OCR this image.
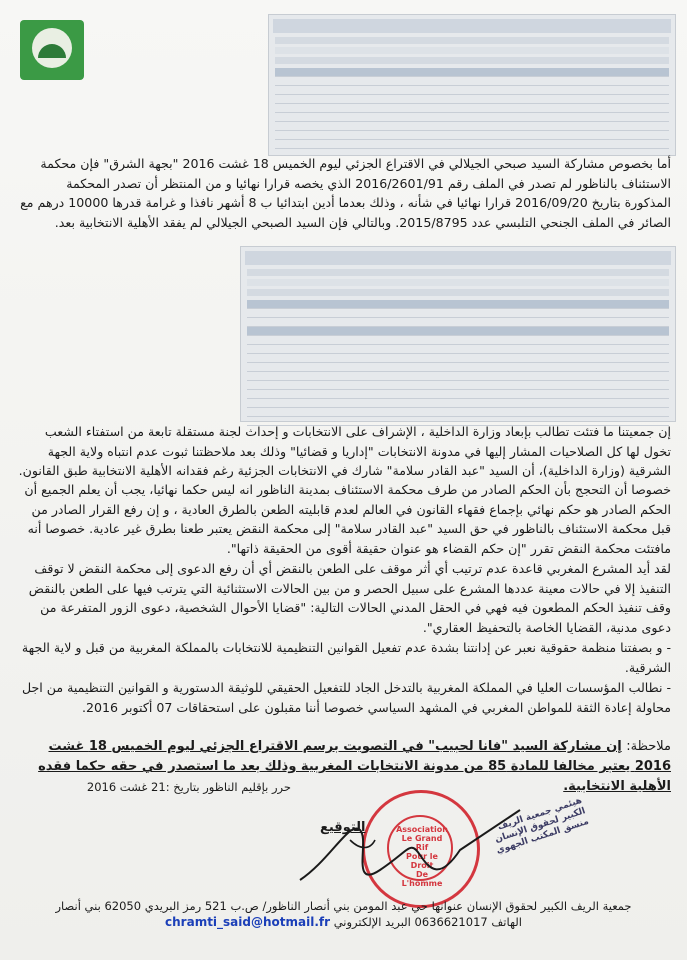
أما بخصوص مشاركة السيد صبحي الجيلالي في الاقتراع الجزئي ليوم الخميس 18 غشت 2016 "بجهة الشرق" فإن محكمة الاستئناف بالناظور لم تصدر في الملف رقم 2016/2601/91 الذي يخصه قرارا نهائيا و من المنتظر أن تصدر المحكمة المذكورة بتاريخ 2016/09/20 قرارا نهائيا في شأنه ، وذلك بعدما أدين ابتدائيا ب 8 أشهر نافذا و غرامة قدرها 10000 درهم مع الصائر في الملف الجنحي التلبسي عدد 2015/8795. وبالتالي فإن السيد الصبحي الجيلالي لم يفقد الأهلية الانتخابية بعد.

إن جمعيتنا ما فتئت تطالب بإبعاد وزارة الداخلية ، الإشراف على الانتخابات و إحداث لجنة مستقلة تابعة من استفتاء الشعب تخول لها كل الصلاحيات المشار إليها في مدونة الانتخابات "إداريا و قضائيا" وذلك بعد ملاحظتنا ثبوت عدم انتباه ولاية الجهة الشرقية (وزارة الداخلية)، أن السيد "عبد القادر سلامة" شارك في الانتخابات الجزئية رغم فقدانه الأهلية الانتخابية طبق القانون.

خصوصا أن التحجج بأن الحكم الصادر من طرف محكمة الاستئناف بمدينة الناظور انه ليس حكما نهائيا، يجب أن يعلم الجميع أن الحكم الصادر هو حكم نهائي بإجماع فقهاء القانون في العالم لعدم قابليته الطعن بالطرق العادية ، و إن رفع القرار الصادر من قبل محكمة الاستئناف بالناظور في حق السيد "عبد القادر سلامة" إلى محكمة النقض يعتبر طعنا بطرق غير عادية. خصوصا أنه مافتئت محكمة النقض تقرر "إن حكم القضاء هو عنوان حقيقة أقوى من الحقيقة ذاتها".

لقد أيد المشرع المغربي قاعدة عدم ترتيب أي أثر موقف على الطعن بالنقض أي أن رفع الدعوى إلى محكمة النقض لا توقف التنفيذ إلا في حالات معينة عددها المشرع على سبيل الحصر و من بين الحالات الاستثنائية التي يترتب فيها على الطعن بالنقض وقف تنفيذ الحكم المطعون فيه فهي في الحقل المدني الحالات التالية: "قضايا الأحوال الشخصية، دعوى الزور المتفرعة من دعوى مدنية، القضايا الخاصة بالتحفيظ العقاري".

- و بصفتنا منظمة حقوقية نعبر عن إدانتنا بشدة عدم تفعيل القوانين التنظيمية للانتخابات بالمملكة المغربية من قبل و لاية الجهة الشرقية.

- نطالب المؤسسات العليا في المملكة المغربية بالتدخل الجاد للتفعيل الحقيقي للوثيقة الدستورية و القوانين التنظيمية من اجل محاولة إعادة الثقة للمواطن المغربي في المشهد السياسي خصوصا أننا مقبلون على استحقاقات 07 أكتوبر 2016.

ملاحظة: إن مشاركة السيد "فانا لحبيب" في التصويت برسم الاقتراع الجزئي ليوم الخميس 18 غشت 2016 يعتبر مخالفا للمادة 85 من مدونة الانتخابات المغربية وذلك بعد ما استصدر في حقه حكما فقده الأهلية الانتخابية.
حرر بإقليم الناظور بتاريخ :21 غشت 2016
Association
Le Grand Rif
Pour le Droit
De L'homme
التوقيع	هيئمي جمعية الريف الكبير لحقوق الإنسان منسق المكتب الجهوي
جمعية الريف الكبير لحقوق الإنسان عنوانها حي عبد المومن بني أنصار الناظور/ ص.ب 521 رمز البريدي 62050 بني أنصار
الهاتف 0636621017 البريد الإلكتروني chramti_said@hotmail.fr
